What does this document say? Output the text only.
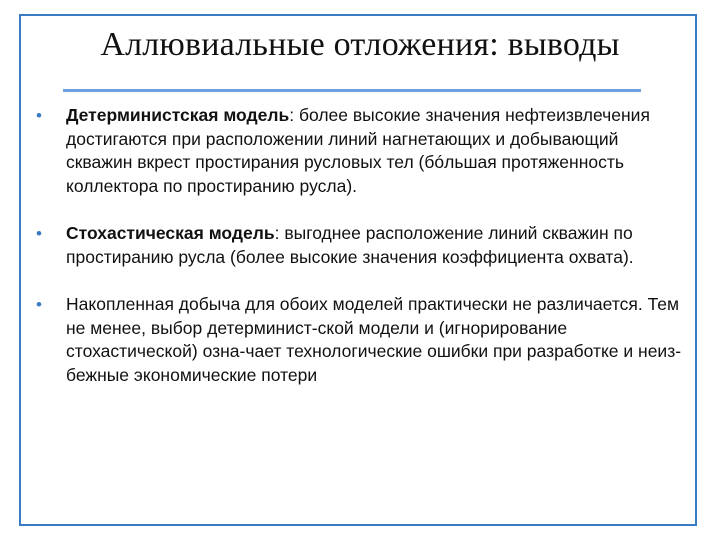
Аллювиальные отложения: выводы
• Детерминистская модель: более высокие значения нефтеизвлечения достигаются при расположении линий нагнетающих и добывающий скважин вкрест простирания русловых тел (бóльшая протяженность коллектора по простиранию русла).
• Стохастическая модель: выгоднее расположение линий скважин по простиранию русла (более высокие значения коэффициента охвата).
• Накопленная добыча для обоих моделей практически не различается. Тем не менее, выбор детерминист-ской модели и (игнорирование стохастической) озна-чает технологические ошибки при разработке и неиз-бежные экономические потери
